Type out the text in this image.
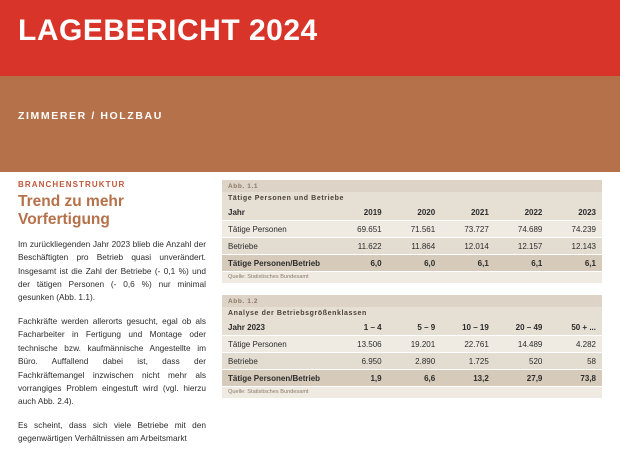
LAGEBERICHT 2024
ZIMMERER / HOLZBAU
BRANCHENSTRUKTUR
Trend zu mehr Vorfertigung

Im zurückliegenden Jahr 2023 blieb die Anzahl der Beschäftigten pro Betrieb quasi unverändert. Insgesamt ist die Zahl der Betriebe (- 0,1 %) und der tätigen Personen (- 0,6 %) nur minimal gesunken (Abb. 1.1).

Fachkräfte werden allerorts gesucht, egal ob als Facharbeiter in Fertigung und Montage oder technische bzw. kaufmännische Angestellte im Büro. Auffallend dabei ist, dass der Fachkräftemangel inzwischen nicht mehr als vorrangiges Problem eingestuft wird (vgl. hierzu auch Abb. 2.4).

Es scheint, dass sich viele Betriebe mit den gegenwärtigen Verhältnissen am Arbeitsmarkt

Abb. 1.1
Tätige Personen und Betriebe
Jahr	2019	2020	2021	2022	2023
Tätige Personen	69.651	71.561	73.727	74.689	74.239
Betriebe	11.622	11.864	12.014	12.157	12.143
Tätige Personen/Betrieb	6,0	6,0	6,1	6,1	6,1
Quelle: Statistisches Bundesamt
Abb. 1.2
Analyse der Betriebsgrößenklassen
Jahr 2023	1 – 4	5 – 9	10 – 19	20 – 49	50 + ...
Tätige Personen	13.506	19.201	22.761	14.489	4.282
Betriebe	6.950	2.890	1.725	520	58
Tätige Personen/Betrieb	1,9	6,6	13,2	27,9	73,8
Quelle: Statistisches Bundesamt
